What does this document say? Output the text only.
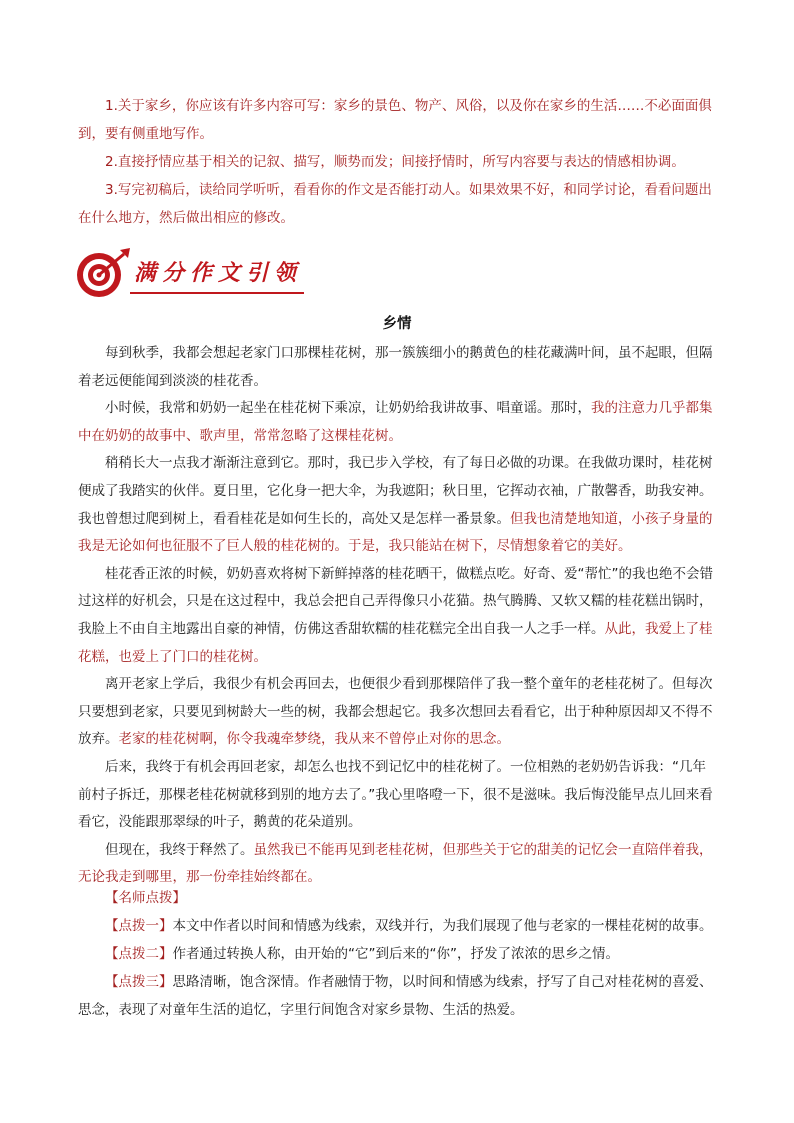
1.关于家乡，你应该有许多内容可写：家乡的景色、物产、风俗，以及你在家乡的生活……不必面面俱到，要有侧重地写作。

2.直接抒情应基于相关的记叙、描写，顺势而发；间接抒情时，所写内容要与表达的情感相协调。

3.写完初稿后，读给同学听听，看看你的作文是否能打动人。如果效果不好，和同学讨论，看看问题出在什么地方，然后做出相应的修改。

满分作文引领
乡情

每到秋季，我都会想起老家门口那棵桂花树，那一簇簇细小的鹅黄色的桂花藏满叶间，虽不起眼，但隔着老远便能闻到淡淡的桂花香。

小时候，我常和奶奶一起坐在桂花树下乘凉，让奶奶给我讲故事、唱童谣。那时，我的注意力几乎都集中在奶奶的故事中、歌声里，常常忽略了这棵桂花树。

稍稍长大一点我才渐渐注意到它。那时，我已步入学校，有了每日必做的功课。在我做功课时，桂花树便成了我踏实的伙伴。夏日里，它化身一把大伞，为我遮阳；秋日里，它挥动衣袖，广散馨香，助我安神。我也曾想过爬到树上，看看桂花是如何生长的，高处又是怎样一番景象。但我也清楚地知道，小孩子身量的我是无论如何也征服不了巨人般的桂花树的。于是，我只能站在树下，尽情想象着它的美好。

桂花香正浓的时候，奶奶喜欢将树下新鲜掉落的桂花晒干，做糕点吃。好奇、爱“帮忙”的我也绝不会错过这样的好机会，只是在这过程中，我总会把自己弄得像只小花猫。热气腾腾、又软又糯的桂花糕出锅时，我脸上不由自主地露出自豪的神情，仿佛这香甜软糯的桂花糕完全出自我一人之手一样。从此，我爱上了桂花糕，也爱上了门口的桂花树。

离开老家上学后，我很少有机会再回去，也便很少看到那棵陪伴了我一整个童年的老桂花树了。但每次只要想到老家，只要见到树龄大一些的树，我都会想起它。我多次想回去看看它，出于种种原因却又不得不放弃。老家的桂花树啊，你令我魂牵梦绕，我从来不曾停止对你的思念。

后来，我终于有机会再回老家，却怎么也找不到记忆中的桂花树了。一位相熟的老奶奶告诉我：“几年前村子拆迁，那棵老桂花树就移到别的地方去了。”我心里咯噔一下，很不是滋味。我后悔没能早点儿回来看看它，没能跟那翠绿的叶子，鹅黄的花朵道别。

但现在，我终于释然了。虽然我已不能再见到老桂花树，但那些关于它的甜美的记忆会一直陪伴着我，无论我走到哪里，那一份牵挂始终都在。

【名师点拨】

【点拨一】本文中作者以时间和情感为线索，双线并行，为我们展现了他与老家的一棵桂花树的故事。

【点拨二】作者通过转换人称，由开始的“它”到后来的“你”，抒发了浓浓的思乡之情。

【点拨三】思路清晰，饱含深情。作者融情于物，以时间和情感为线索，抒写了自己对桂花树的喜爱、思念，表现了对童年生活的追忆，字里行间饱含对家乡景物、生活的热爱。
